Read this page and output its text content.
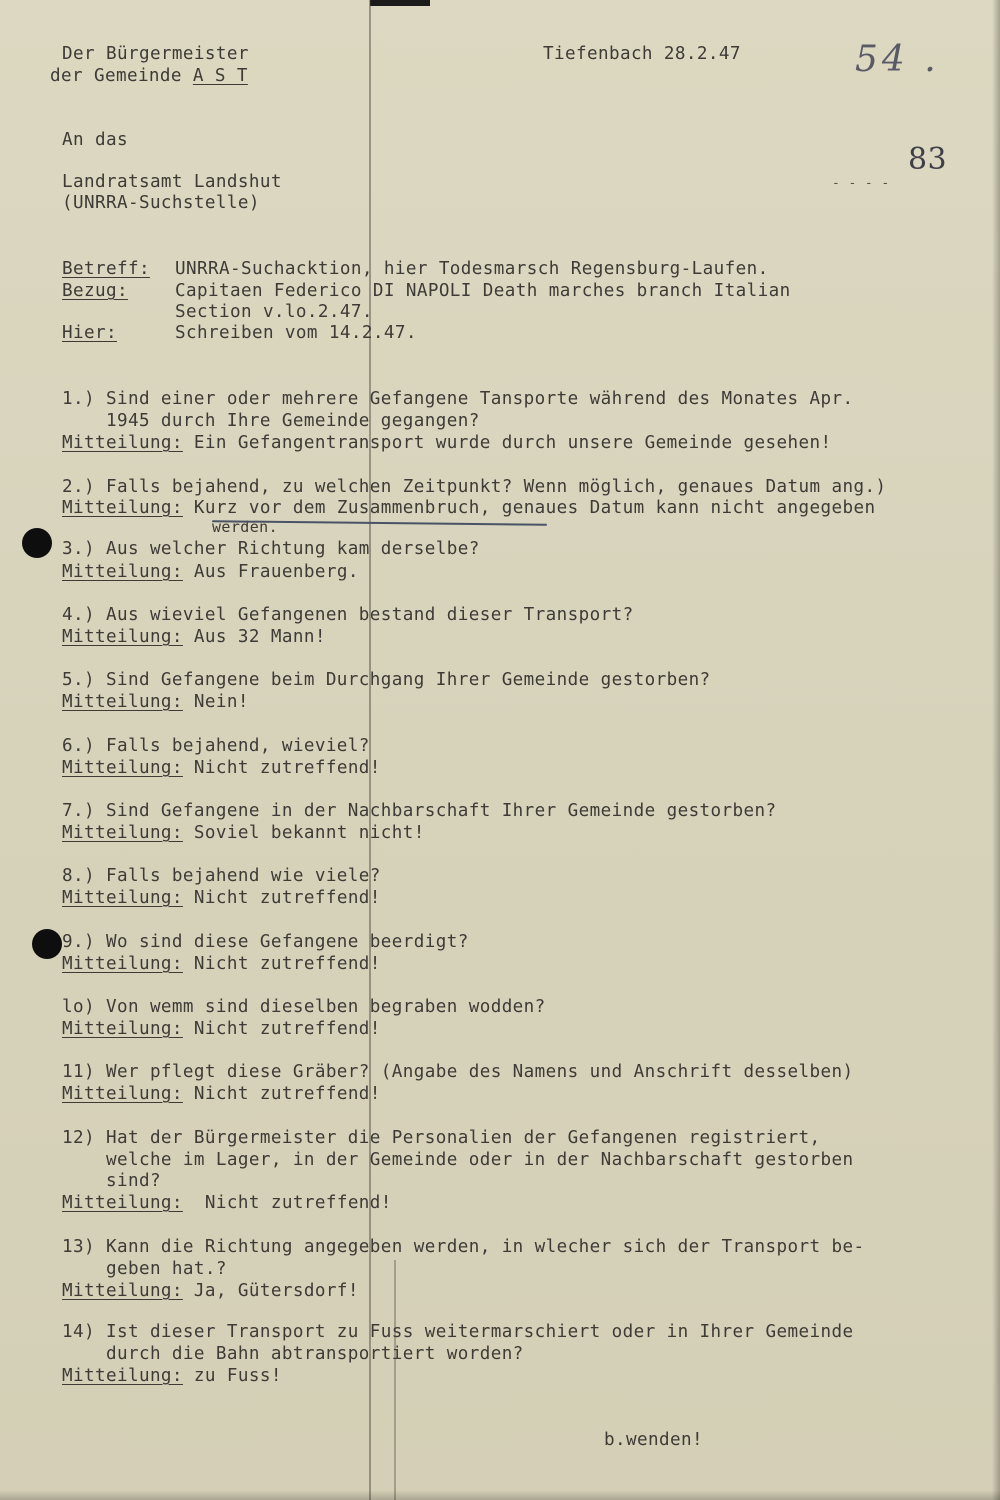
Der Bürgermeister
der Gemeinde A S T
Tiefenbach 28.2.47	54 .
83
- - - -
An das
Landratsamt Landshut
(UNRRA-Suchstelle)
Betreff: UNRRA-Suchacktion, hier Todesmarsch Regensburg-Laufen.
Bezug:	Capitaen Federico DI NAPOLI Death marches branch Italian
Section v.lo.2.47.
Hier:	Schreiben vom 14.2.47.
1.) Sind einer oder mehrere Gefangene Tansporte während des Monates Apr.
1945 durch Ihre Gemeinde gegangen?
Mitteilung: Ein Gefangentransport wurde durch unsere Gemeinde gesehen!
2.) Falls bejahend, zu welchen Zeitpunkt? Wenn möglich, genaues Datum ang.)
Mitteilung: Kurz vor dem Zusammenbruch, genaues Datum kann nicht angegeben
werden.
3.) Aus welcher Richtung kam derselbe?
Mitteilung: Aus Frauenberg.
4.) Aus wieviel Gefangenen bestand dieser Transport?
Mitteilung: Aus 32 Mann!
5.) Sind Gefangene beim Durchgang Ihrer Gemeinde gestorben?
Mitteilung: Nein!
6.) Falls bejahend, wieviel?
Mitteilung: Nicht zutreffend!
7.) Sind Gefangene in der Nachbarschaft Ihrer Gemeinde gestorben?
Mitteilung: Soviel bekannt nicht!
8.) Falls bejahend wie viele?
Mitteilung: Nicht zutreffend!
9.) Wo sind diese Gefangene beerdigt?
Mitteilung: Nicht zutreffend!
lo) Von wemm sind dieselben begraben wodden?
Mitteilung: Nicht zutreffend!
11) Wer pflegt diese Gräber? (Angabe des Namens und Anschrift desselben)
Mitteilung: Nicht zutreffend!
12) Hat der Bürgermeister die Personalien der Gefangenen registriert,
welche im Lager, in der Gemeinde oder in der Nachbarschaft gestorben
sind?
Mitteilung:  Nicht zutreffend!
13) Kann die Richtung angegeben werden, in wlecher sich der Transport be-
geben hat.?
Mitteilung: Ja, Gütersdorf!
14) Ist dieser Transport zu Fuss weitermarschiert oder in Ihrer Gemeinde
durch die Bahn abtransportiert worden?
Mitteilung: zu Fuss!
b.wenden!
